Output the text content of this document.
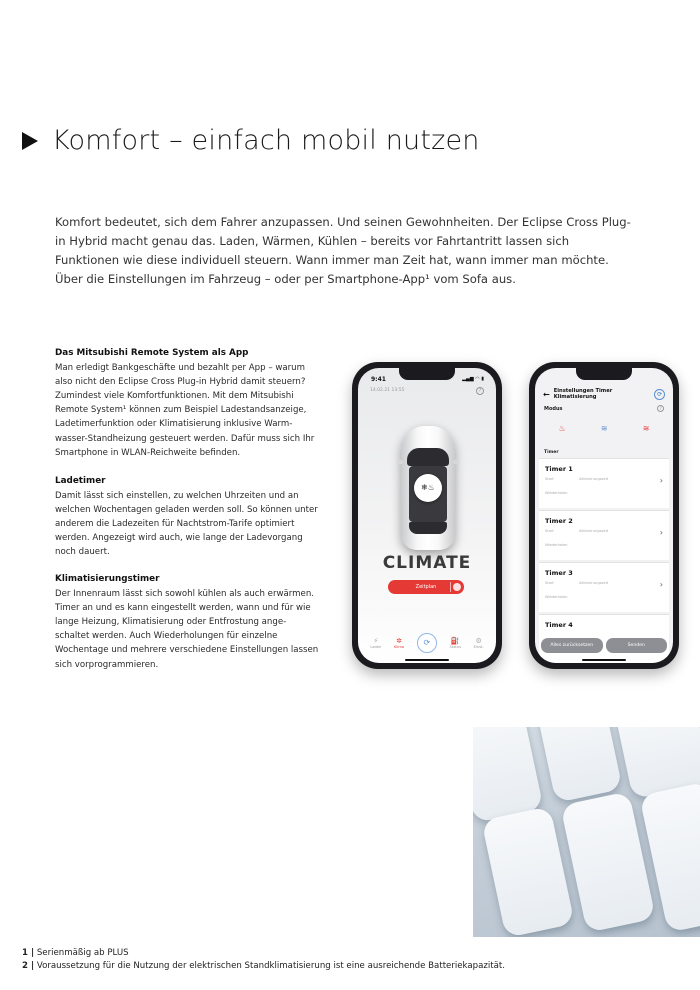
Komfort – einfach mobil nutzen

Komfort bedeutet, sich dem Fahrer anzupassen. Und seinen Gewohnheiten. Der Eclipse Cross Plug-in Hybrid macht genau das. Laden, Wärmen, Kühlen – bereits vor Fahrtantritt lassen sich Funktionen wie diese individuell steuern. Wann immer man Zeit hat, wann immer man möchte. Über die Einstellungen im Fahrzeug – oder per Smartphone-App¹ vom Sofa aus.

Das Mitsubishi Remote System als App

Man erledigt Bankgeschäfte und bezahlt per App – warum also nicht den Eclipse Cross Plug-in Hybrid damit steuern? Zumindest viele Komfortfunktionen. Mit dem Mitsubishi Remote System¹ können zum Beispiel Ladestandsanzeige, Ladetimerfunktion oder Klimatisierung inklusive Warm-wasser-Standheizung gesteuert werden. Dafür muss sich Ihr Smartphone in WLAN-Reichweite befinden.

Ladetimer

Damit lässt sich einstellen, zu welchen Uhrzeiten und an welchen Wochentagen geladen werden soll. So können unter anderem die Ladezeiten für Nachtstrom-Tarife optimiert werden. Angezeigt wird auch, wie lange der Ladevorgang noch dauert.

Klimatisierungstimer

Der Innenraum lässt sich sowohl kühlen als auch erwärmen. Timer an und es kann eingestellt werden, wann und für wie lange Heizung, Klimatisierung oder Entfrostung ange-schaltet werden. Auch Wiederholungen für einzelne Wochentage und mehrere verschiedene Einstellungen lassen sich vorprogrammieren.

9:41	▂▄▆ ◠ ▮
14.02.21 13:55	?
❄♨
CLIMATE
Zeitplan
⚡
Laden
✲
Klima	⟳	⛽
Status
⚙
Einst.
← Einstellungen Timer Klimatisierung	⟳
Modus	?
♨	≋	≋
Timer
Timer 1
Start	Aktivierungszeit
Wiederholen
›
Timer 2
Start	Aktivierungszeit
Wiederholen
›
Timer 3
Start	Aktivierungszeit
Wiederholen
›
Timer 4
Alles zurücksetzen	Senden
1 | Serienmäßig ab PLUS
2 | Voraussetzung für die Nutzung der elektrischen Standklimatisierung ist eine ausreichende Batteriekapazität.
